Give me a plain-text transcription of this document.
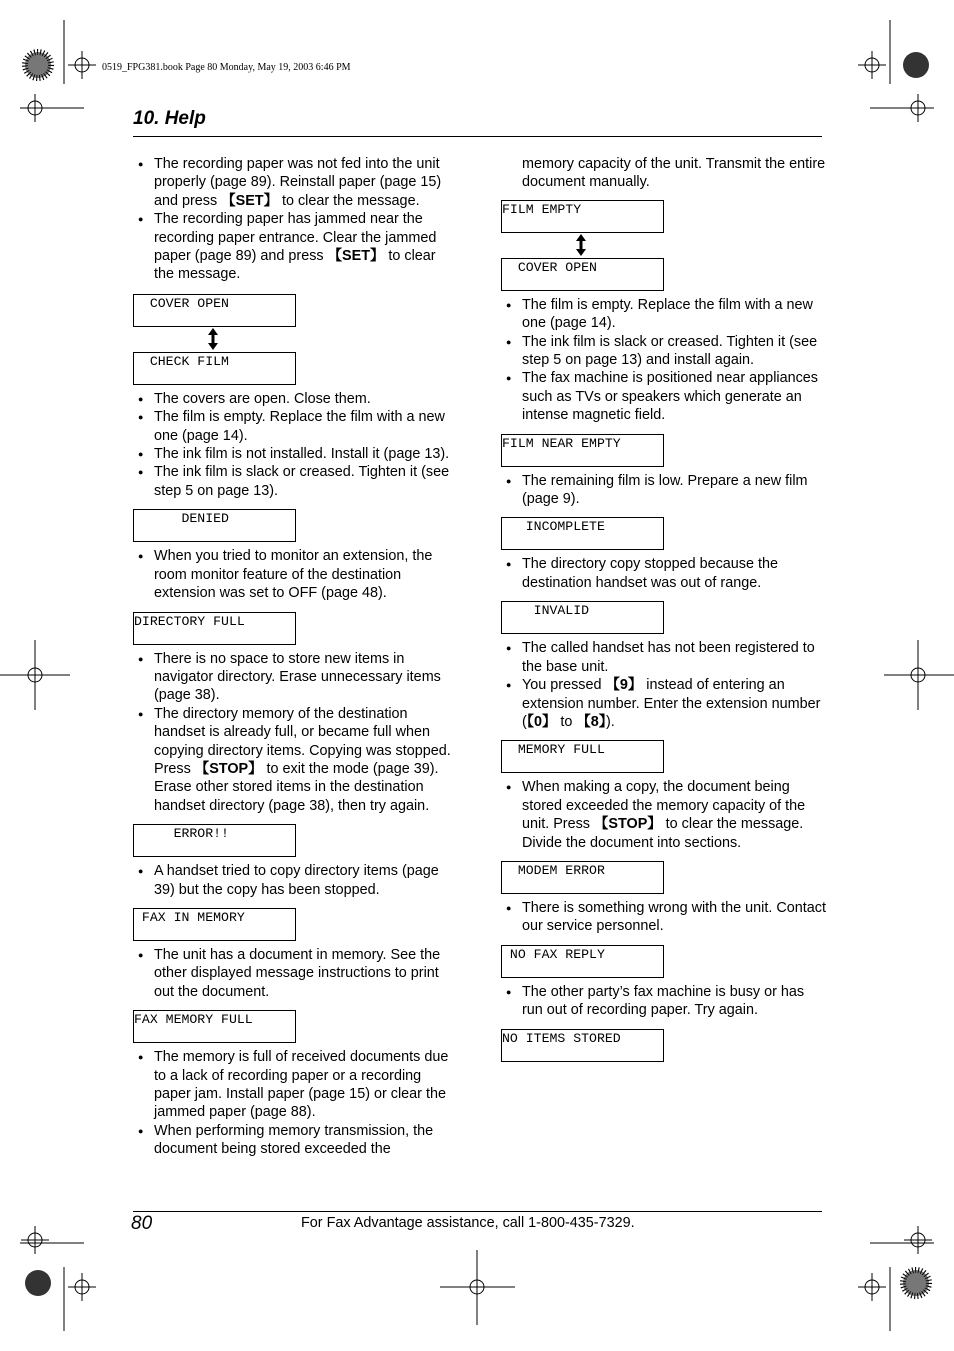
0519_FPG381.book Page 80 Monday, May 19, 2003 6:46 PM
10. Help
● The recording paper was not fed into the unit properly (page 89). Reinstall paper (page 15) and press 【SET】 to clear the message.
● The recording paper has jammed near the recording paper entrance. Clear the jammed paper (page 89) and press 【SET】 to clear the message.
COVER OPEN
CHECK FILM
● The covers are open. Close them.
● The film is empty. Replace the film with a new one (page 14).
● The ink film is not installed. Install it (page 13).
● The ink film is slack or creased. Tighten it (see step 5 on page 13).
DENIED
● When you tried to monitor an extension, the room monitor feature of the destination extension was set to OFF (page 48).
DIRECTORY FULL
● There is no space to store new items in navigator directory. Erase unnecessary items (page 38).
● The directory memory of the destination handset is already full, or became full when copying directory items. Copying was stopped. Press 【STOP】 to exit the mode (page 39). Erase other stored items in the destination handset directory (page 38), then try again.
ERROR!!
● A handset tried to copy directory items (page 39) but the copy has been stopped.
FAX IN MEMORY
● The unit has a document in memory. See the other displayed message instructions to print out the document.
FAX MEMORY FULL
● The memory is full of received documents due to a lack of recording paper or a recording paper jam. Install paper (page 15) or clear the jammed paper (page 88).
● When performing memory transmission, the document being stored exceeded the
memory capacity of the unit. Transmit the entire document manually.
FILM EMPTY
COVER OPEN
● The film is empty. Replace the film with a new one (page 14).
● The ink film is slack or creased. Tighten it (see step 5 on page 13) and install again.
● The fax machine is positioned near appliances such as TVs or speakers which generate an intense magnetic field.
FILM NEAR EMPTY
● The remaining film is low. Prepare a new film (page 9).
INCOMPLETE
● The directory copy stopped because the destination handset was out of range.
INVALID
● The called handset has not been registered to the base unit.
● You pressed 【9】 instead of entering an extension number. Enter the extension number (【0】 to 【8】).
MEMORY FULL
● When making a copy, the document being stored exceeded the memory capacity of the unit. Press 【STOP】 to clear the message. Divide the document into sections.
MODEM ERROR
● There is something wrong with the unit. Contact our service personnel.
NO FAX REPLY
● The other party’s fax machine is busy or has run out of recording paper. Try again.
NO ITEMS STORED
80	For Fax Advantage assistance, call 1-800-435-7329.
